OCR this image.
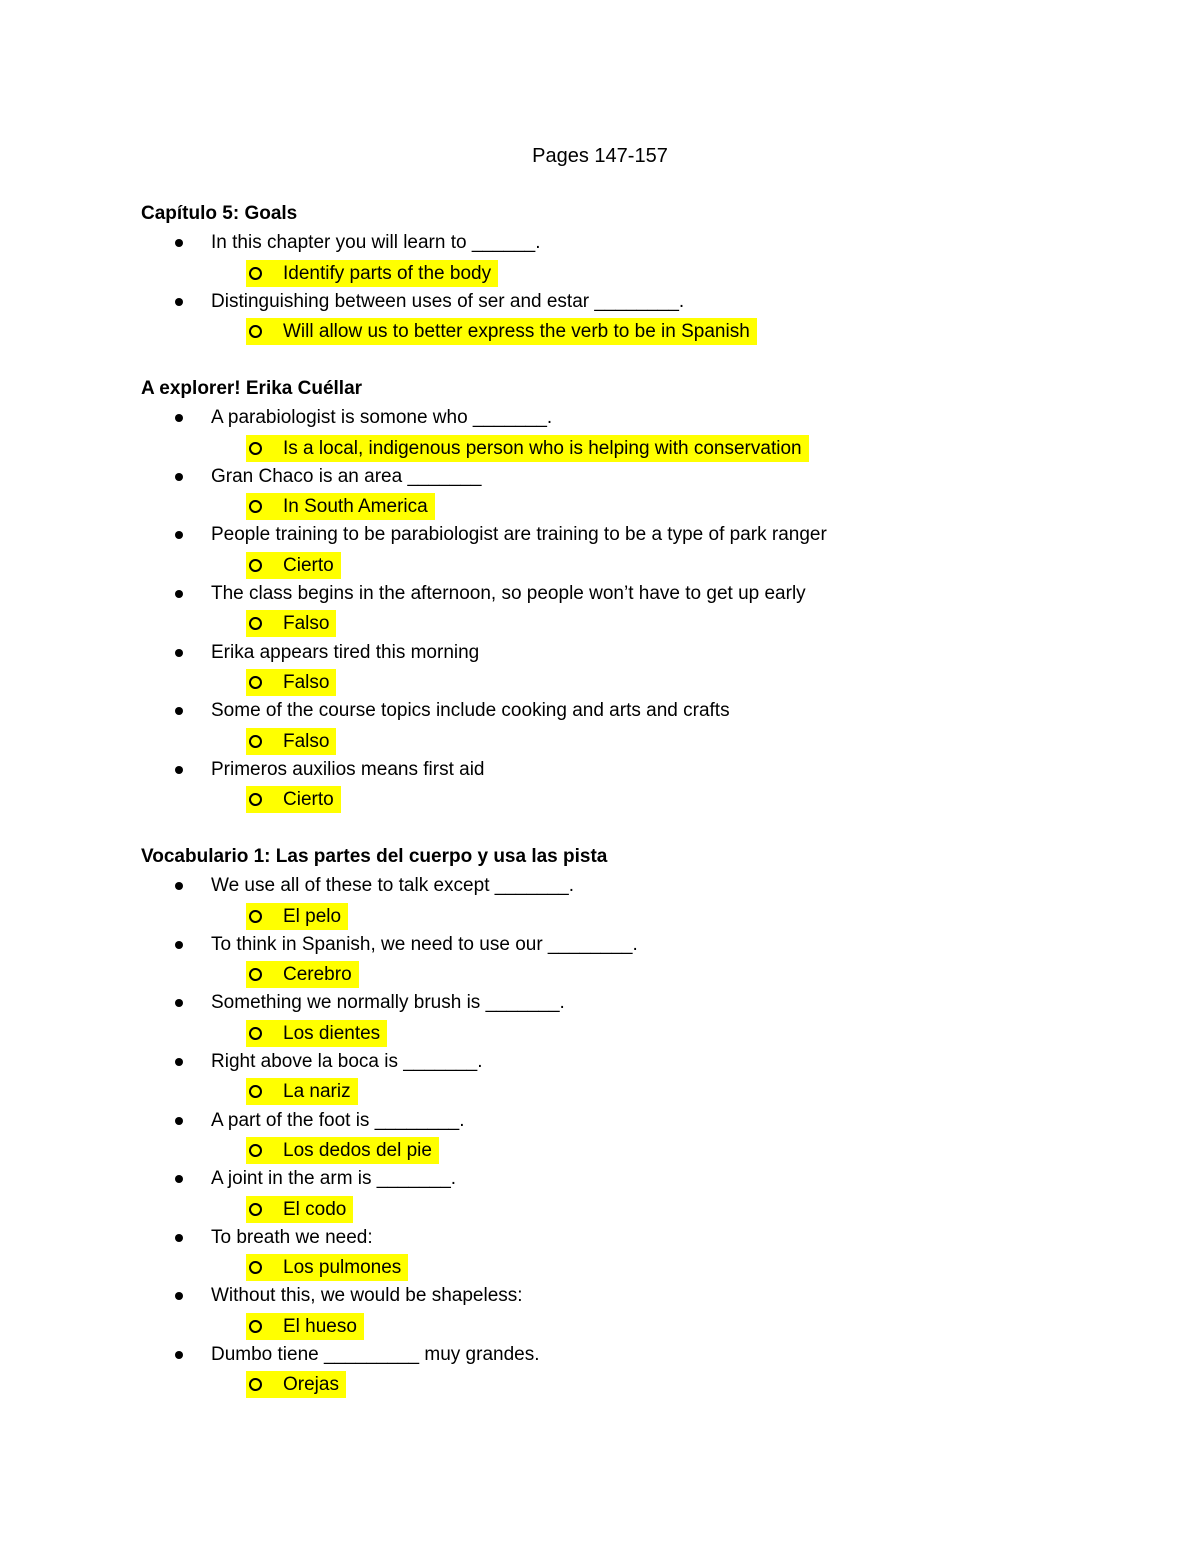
Pages 147-157
Capítulo 5: Goals
In this chapter you will learn to ______.
Identify parts of the body
Distinguishing between uses of ser and estar ________.
Will allow us to better express the verb to be in Spanish
A explorer! Erika Cuéllar
A parabiologist is somone who _______.
Is a local, indigenous person who is helping with conservation
Gran Chaco is an area _______
In South America
People training to be parabiologist are training to be a type of park ranger
Cierto
The class begins in the afternoon, so people won’t have to get up early
Falso
Erika appears tired this morning
Falso
Some of the course topics include cooking and arts and crafts
Falso
Primeros auxilios means first aid
Cierto
Vocabulario 1: Las partes del cuerpo y usa las pista
We use all of these to talk except _______.
El pelo
To think in Spanish, we need to use our ________.
Cerebro
Something we normally brush is _______.
Los dientes
Right above la boca is _______.
La nariz
A part of the foot is ________.
Los dedos del pie
A joint in the arm is _______.
El codo
To breath we need:
Los pulmones
Without this, we would be shapeless:
El hueso
Dumbo tiene _________ muy grandes.
Orejas
